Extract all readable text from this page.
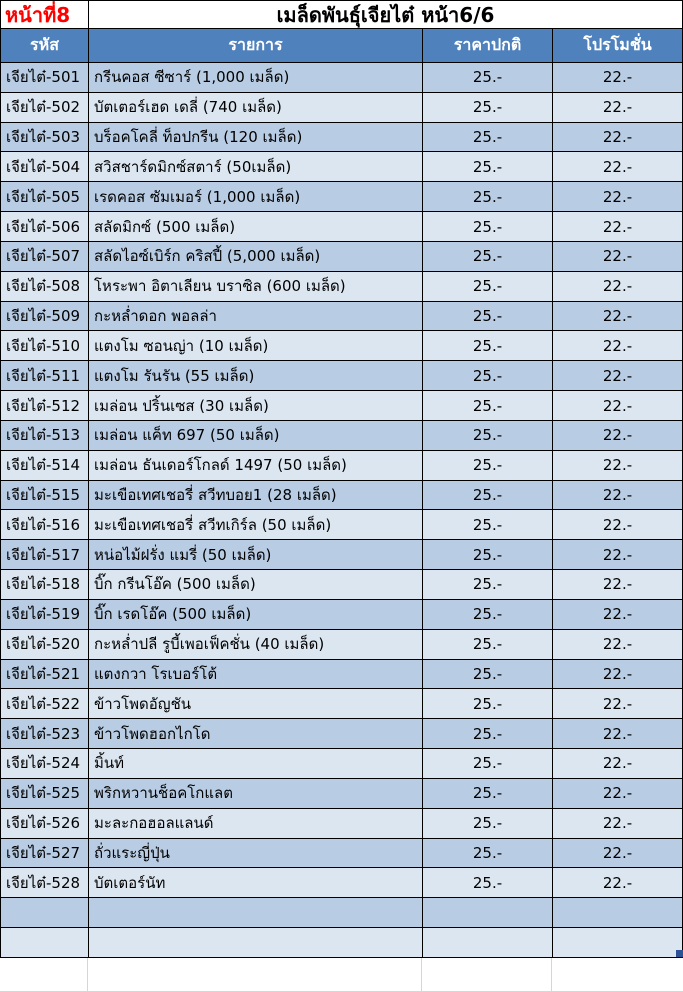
หน้าที่8	เมล็ดพันธุ์เจียไต๋ หน้า6/6
รหัส	รายการ	ราคาปกติ	โปรโมชั่น
เจียไต๋-501 กรีนคอส ซีซาร์ (1,000 เมล็ด)	25.-	22.-
เจียไต๋-502 บัตเตอร์เฮด เดลี่ (740 เมล็ด)	25.-	22.-
เจียไต๋-503 บร็อคโคลี่ ท็อปกรีน (120 เมล็ด)	25.-	22.-
เจียไต๋-504 สวิสชาร์ดมิกซ์สตาร์ (50เมล็ด)	25.-	22.-
เจียไต๋-505 เรดคอส ซัมเมอร์ (1,000 เมล็ด)	25.-	22.-
เจียไต๋-506 สลัดมิกซ์ (500 เมล็ด)	25.-	22.-
เจียไต๋-507 สลัดไอซ์เบิร์ก คริสปี้ (5,000 เมล็ด)	25.-	22.-
เจียไต๋-508 โหระพา อิตาเลียน บราซิล (600 เมล็ด)	25.-	22.-
เจียไต๋-509 กะหล่ำดอก พอลล่า	25.-	22.-
เจียไต๋-510 แตงโม ซอนญ่า (10 เมล็ด)	25.-	22.-
เจียไต๋-511 แตงโม รันรัน (55 เมล็ด)	25.-	22.-
เจียไต๋-512 เมล่อน ปริ้นเซส (30 เมล็ด)	25.-	22.-
เจียไต๋-513 เมล่อน แค็ท 697 (50 เมล็ด)	25.-	22.-
เจียไต๋-514 เมล่อน ธันเดอร์โกลด์ 1497 (50 เมล็ด)	25.-	22.-
เจียไต๋-515 มะเขือเทศเชอรี่ สวีทบอย1 (28 เมล็ด)	25.-	22.-
เจียไต๋-516 มะเขือเทศเชอรี่ สวีทเกิร์ล (50 เมล็ด)	25.-	22.-
เจียไต๋-517 หน่อไม้ฝรั่ง แมรี่ (50 เมล็ด)	25.-	22.-
เจียไต๋-518 บิ๊ก กรีนโอ๊ค (500 เมล็ด)	25.-	22.-
เจียไต๋-519 บิ๊ก เรดโอ๊ค (500 เมล็ด)	25.-	22.-
เจียไต๋-520 กะหล่ำปลี รูบี้เพอเฟ็คชั่น (40 เมล็ด)	25.-	22.-
เจียไต๋-521 แตงกวา โรเบอร์โต้	25.-	22.-
เจียไต๋-522 ข้าวโพดอัญชัน	25.-	22.-
เจียไต๋-523 ข้าวโพดฮอกไกโด	25.-	22.-
เจียไต๋-524 มิ้นท์	25.-	22.-
เจียไต๋-525 พริกหวานช็อคโกแลต	25.-	22.-
เจียไต๋-526 มะละกอฮอลแลนด์	25.-	22.-
เจียไต๋-527 ถั่วแระญี่ปุ่น	25.-	22.-
เจียไต๋-528 บัตเตอร์นัท	25.-	22.-
